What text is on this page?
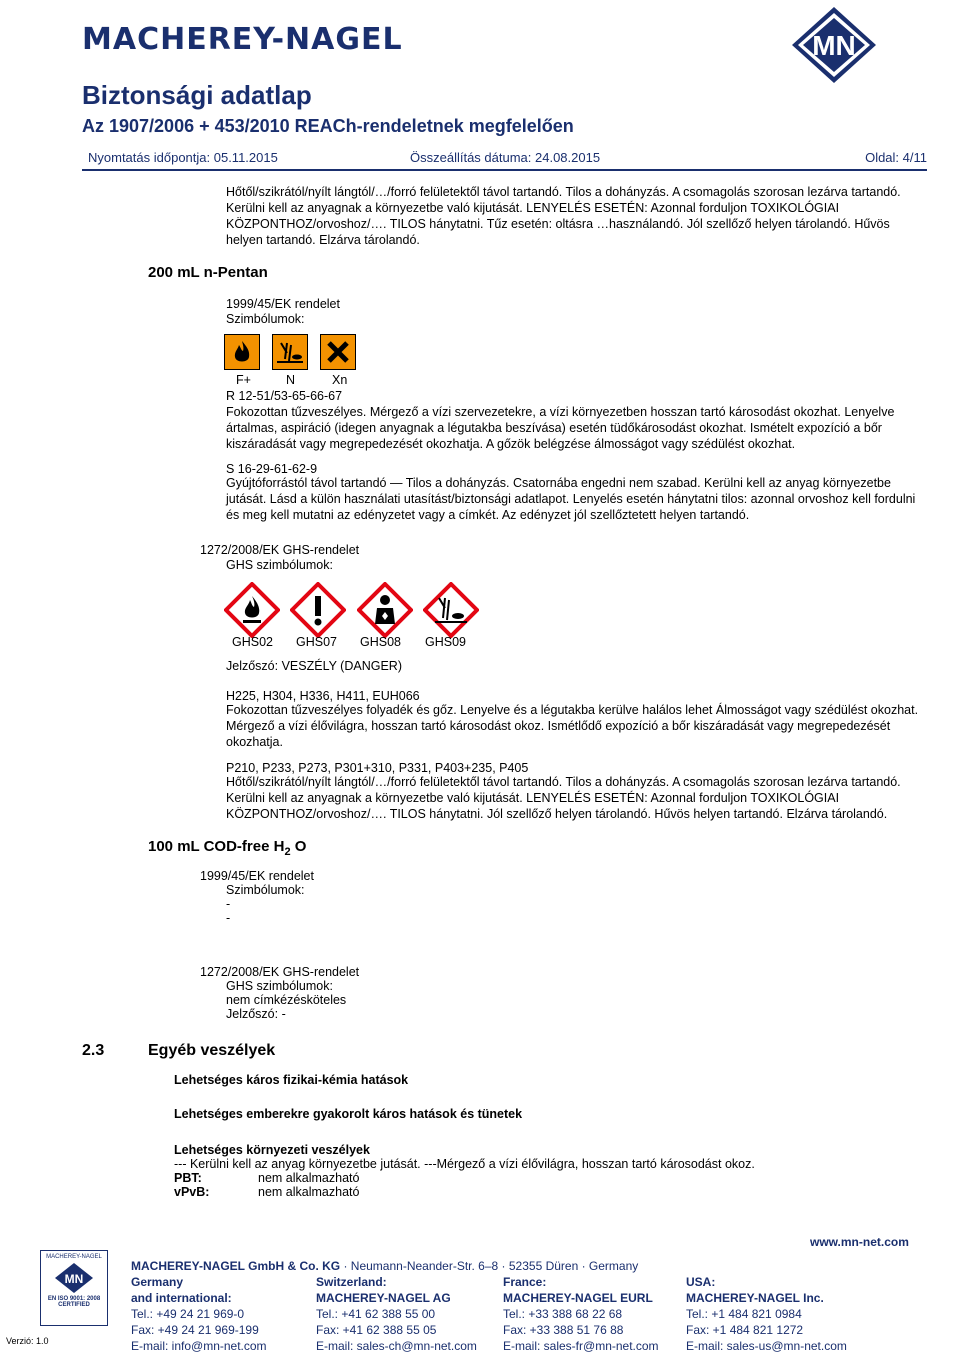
MACHEREY-NAGEL	MN
Biztonsági adatlap
Az 1907/2006 + 453/2010 REACh-rendeletnek megfelelően
Nyomtatás időpontja: 05.11.2015	Összeállítás dátuma: 24.08.2015	Oldal: 4/11

Hőtől/szikrától/nyílt lángtól/…/forró felületektől távol tartandó. Tilos a dohányzás. A csomagolás szorosan lezárva tartandó. Kerülni kell az anyagnak a környezetbe való kijutását. LENYELÉS ESETÉN: Azonnal forduljon TOXIKOLÓGIAI KÖZPONTHOZ/orvoshoz/…. TILOS hánytatni. Tűz esetén: oltásra …használandó. Jól szellőző helyen tárolandó. Hűvös helyen tartandó. Elzárva tárolandó.
200 mL n-Pentan
1999/45/EK rendelet
Szimbólumok:
F+	N	Xn
R 12-51/53-65-66-67
Fokozottan tűzveszélyes. Mérgező a vízi szervezetekre, a vízi környezetben hosszan tartó károsodást okozhat. Lenyelve ártalmas, aspiráció (idegen anyagnak a légutakba beszívása) esetén tüdőkárosodást okozhat. Ismételt expozíció a bőr kiszáradását vagy megrepedezését okozhatja. A gőzök belégzése álmosságot vagy szédülést okozhat.
S 16-29-61-62-9
Gyújtóforrástól távol tartandó — Tilos a dohányzás. Csatornába engedni nem szabad. Kerülni kell az anyag környezetbe jutását. Lásd a külön használati utasítást/biztonsági adatlapot. Lenyelés esetén hánytatni tilos: azonnal orvoshoz kell fordulni és meg kell mutatni az edényzetet vagy a címkét. Az edényzet jól szellőztetett helyen tartandó.
1272/2008/EK GHS-rendelet
GHS szimbólumok:

GHS02 GHS07 GHS08 GHS09
Jelzőszó: VESZÉLY (DANGER)
H225, H304, H336, H411, EUH066
Fokozottan tűzveszélyes folyadék és gőz. Lenyelve és a légutakba kerülve halálos lehet Álmosságot vagy szédülést okozhat. Mérgező a vízi élővilágra, hosszan tartó károsodást okoz. Ismétlődő expozíció a bőr kiszáradását vagy megrepedezését okozhatja.
P210, P233, P273, P301+310, P331, P403+235, P405
Hőtől/szikrától/nyílt lángtól/…/forró felületektől távol tartandó. Tilos a dohányzás. A csomagolás szorosan lezárva tartandó. Kerülni kell az anyagnak a környezetbe való kijutását. LENYELÉS ESETÉN: Azonnal forduljon TOXIKOLÓGIAI KÖZPONTHOZ/orvoshoz/…. TILOS hánytatni. Jól szellőző helyen tárolandó. Hűvös helyen tartandó. Elzárva tárolandó.
100 mL COD-free $H_2$ O
1999/45/EK rendelet
Szimbólumok:
-
-
1272/2008/EK GHS-rendelet
GHS szimbólumok:
nem címkézésköteles
Jelzőszó: -
2.3	Egyéb veszélyek
Lehetséges káros fizikai-kémia hatások
Lehetséges emberekre gyakorolt káros hatások és tünetek
Lehetséges környezeti veszélyek
--- Kerülni kell az anyag környezetbe jutását. ---Mérgező a vízi élővilágra, hosszan tartó károsodást okoz.
PBT:	nem alkalmazható
vPvB:	nem alkalmazható
MACHEREY-NAGEL
MN
EN ISO 9001: 2008
CERTIFIED
Verzió: 1.0
www.mn-net.com
MACHEREY-NAGEL GmbH & Co. KG · Neumann-Neander-Str. 6–8 · 52355 Düren · Germany
Germany
and international:
Tel.: +49 24 21 969-0
Fax: +49 24 21 969-199
E-mail: info@mn-net.com
Switzerland:
MACHEREY-NAGEL AG
Tel.: +41 62 388 55 00
Fax: +41 62 388 55 05
E-mail: sales-ch@mn-net.com
France:
MACHEREY-NAGEL EURL
Tel.: +33 388 68 22 68
Fax: +33 388 51 76 88
E-mail: sales-fr@mn-net.com
USA:
MACHEREY-NAGEL Inc.
Tel.: +1 484 821 0984
Fax: +1 484 821 1272
E-mail: sales-us@mn-net.com
